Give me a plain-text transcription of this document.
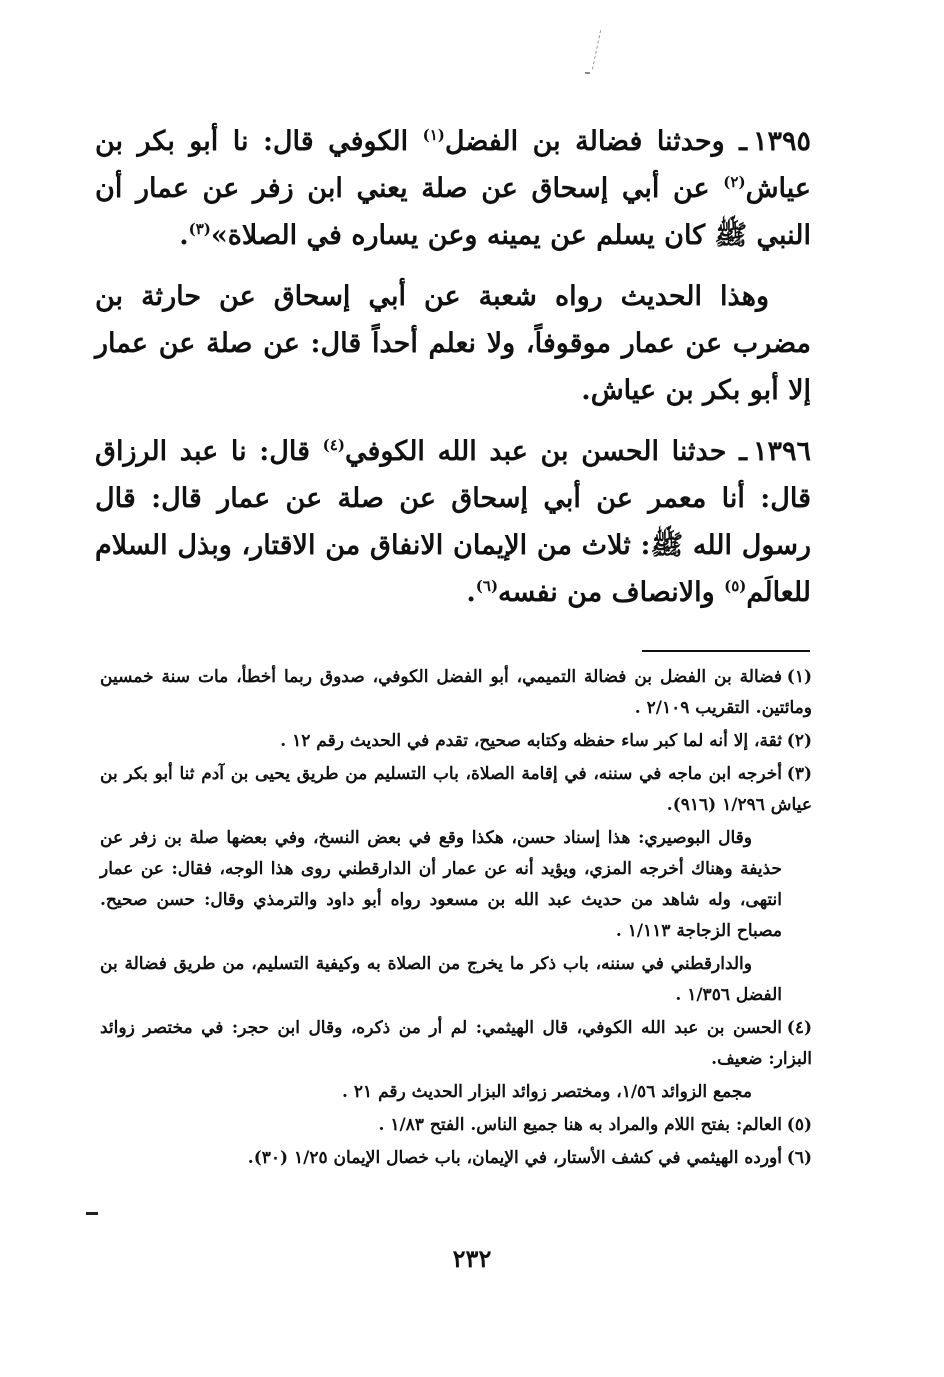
١٣٩٥ـ وحدثنا فضالة بن الفضل$^{(١)}$ الكوفي قال: نا أبو بكر بن عياش$^{(٢)}$ عن أبي إسحاق عن صلة يعني ابن زفر عن عمار أن النبي ﷺ كان يسلم عن يمينه وعن يساره في الصلاة»$^{(٣)}$.

وهذا الحديث رواه شعبة عن أبي إسحاق عن حارثة بن مضرب عن عمار موقوفاً، ولا نعلم أحداً قال: عن صلة عن عمار إلا أبو بكر بن عياش.

١٣٩٦ـ حدثنا الحسن بن عبد الله الكوفي$^{(٤)}$ قال: نا عبد الرزاق قال: أنا معمر عن أبي إسحاق عن صلة عن عمار قال: قال رسول الله ﷺ: ثلاث من الإيمان الانفاق من الاقتار، وبذل السلام للعالَم$^{(٥)}$ والانصاف من نفسه$^{(٦)}$.

(١)فضالة بن الفضل بن فضالة التميمي، أبو الفضل الكوفي، صدوق ربما أخطأ، مات سنة خمسين ومائتين. التقريب ٢/١٠٩ .
(٢)ثقة، إلا أنه لما كبر ساء حفظه وكتابه صحيح، تقدم في الحديث رقم ١٢ .
(٣)أخرجه ابن ماجه في سننه، في إقامة الصلاة، باب التسليم من طريق يحيى بن آدم ثنا أبو بكر بن عياش ١/٢٩٦ (٩١٦).
وقال البوصيري: هذا إسناد حسن، هكذا وقع في بعض النسخ، وفي بعضها صلة بن زفر عن حذيفة وهناك أخرجه المزي، ويؤيد أنه عن عمار أن الدارقطني روى هذا الوجه، فقال: عن عمار انتهى، وله شاهد من حديث عبد الله بن مسعود رواه أبو داود والترمذي وقال: حسن صحيح. مصباح الزجاجة ١/١١٣ .
والدارقطني في سننه، باب ذكر ما يخرج من الصلاة به وكيفية التسليم، من طريق فضالة بن الفضل ١/٣٥٦ .
(٤)الحسن بن عبد الله الكوفي، قال الهيثمي: لم أر من ذكره، وقال ابن حجر: في مختصر زوائد البزار: ضعيف.
مجمع الزوائد ١/٥٦، ومختصر زوائد البزار الحديث رقم ٢١ .
(٥)العالم: بفتح اللام والمراد به هنا جميع الناس. الفتح ١/٨٣ .
(٦)أورده الهيثمي في كشف الأستار، في الإيمان، باب خصال الإيمان ١/٢٥ (٣٠).
٢٣٢
